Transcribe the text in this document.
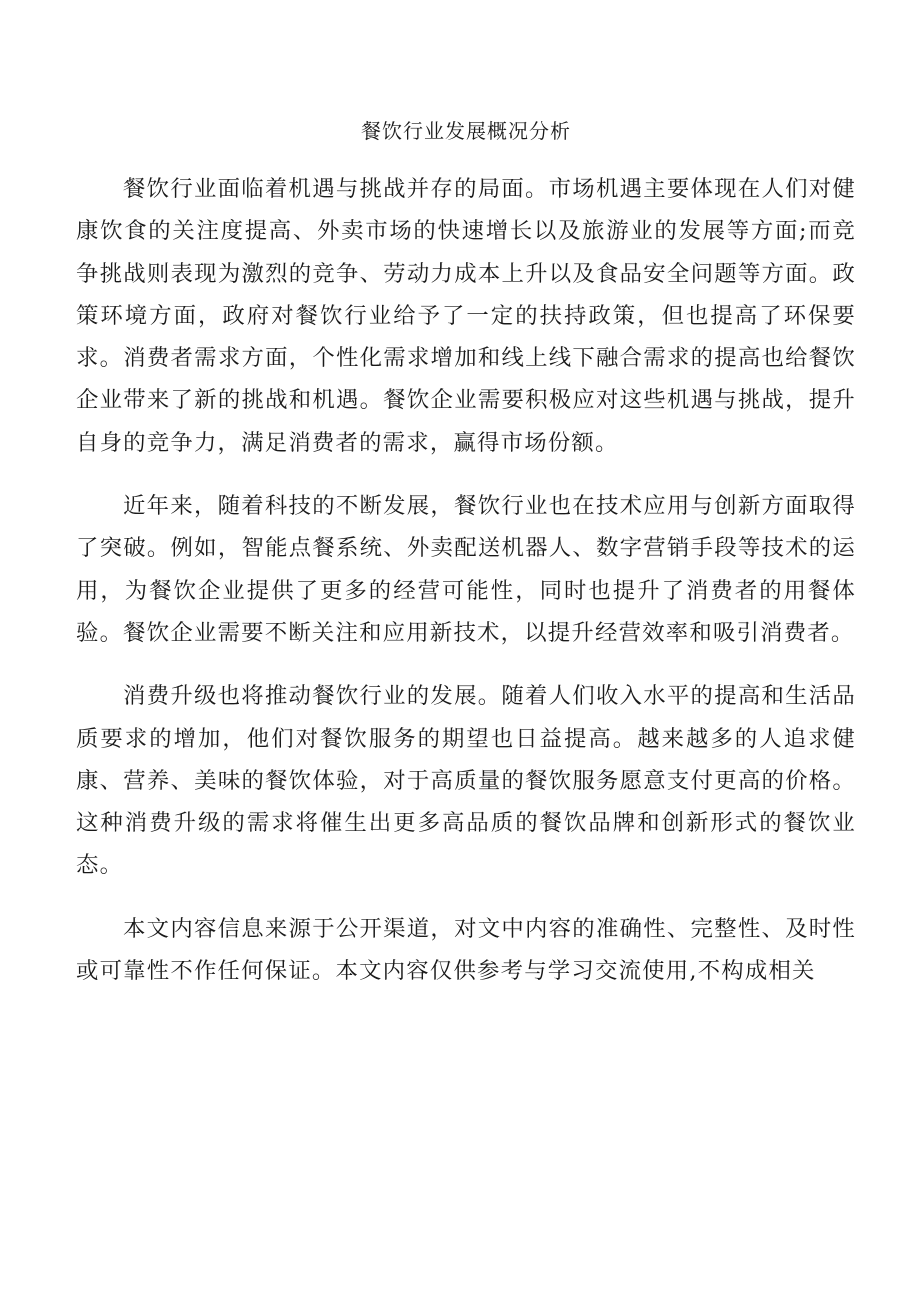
餐饮行业发展概况分析

餐饮行业面临着机遇与挑战并存的局面。市场机遇主要体现在人们对健康饮食的关注度提高、外卖市场的快速增长以及旅游业的发展等方面;而竞争挑战则表现为激烈的竞争、劳动力成本上升以及食品安全问题等方面。政策环境方面，政府对餐饮行业给予了一定的扶持政策，但也提高了环保要求。消费者需求方面，个性化需求增加和线上线下融合需求的提高也给餐饮企业带来了新的挑战和机遇。餐饮企业需要积极应对这些机遇与挑战，提升自身的竞争力，满足消费者的需求，赢得市场份额。

近年来，随着科技的不断发展，餐饮行业也在技术应用与创新方面取得了突破。例如，智能点餐系统、外卖配送机器人、数字营销手段等技术的运用，为餐饮企业提供了更多的经营可能性，同时也提升了消费者的用餐体验。餐饮企业需要不断关注和应用新技术，以提升经营效率和吸引消费者。

消费升级也将推动餐饮行业的发展。随着人们收入水平的提高和生活品质要求的增加，他们对餐饮服务的期望也日益提高。越来越多的人追求健康、营养、美味的餐饮体验，对于高质量的餐饮服务愿意支付更高的价格。这种消费升级的需求将催生出更多高品质的餐饮品牌和创新形式的餐饮业态。

本文内容信息来源于公开渠道，对文中内容的准确性、完整性、及时性或可靠性不作任何保证。本文内容仅供参考与学习交流使用,不构成相关
